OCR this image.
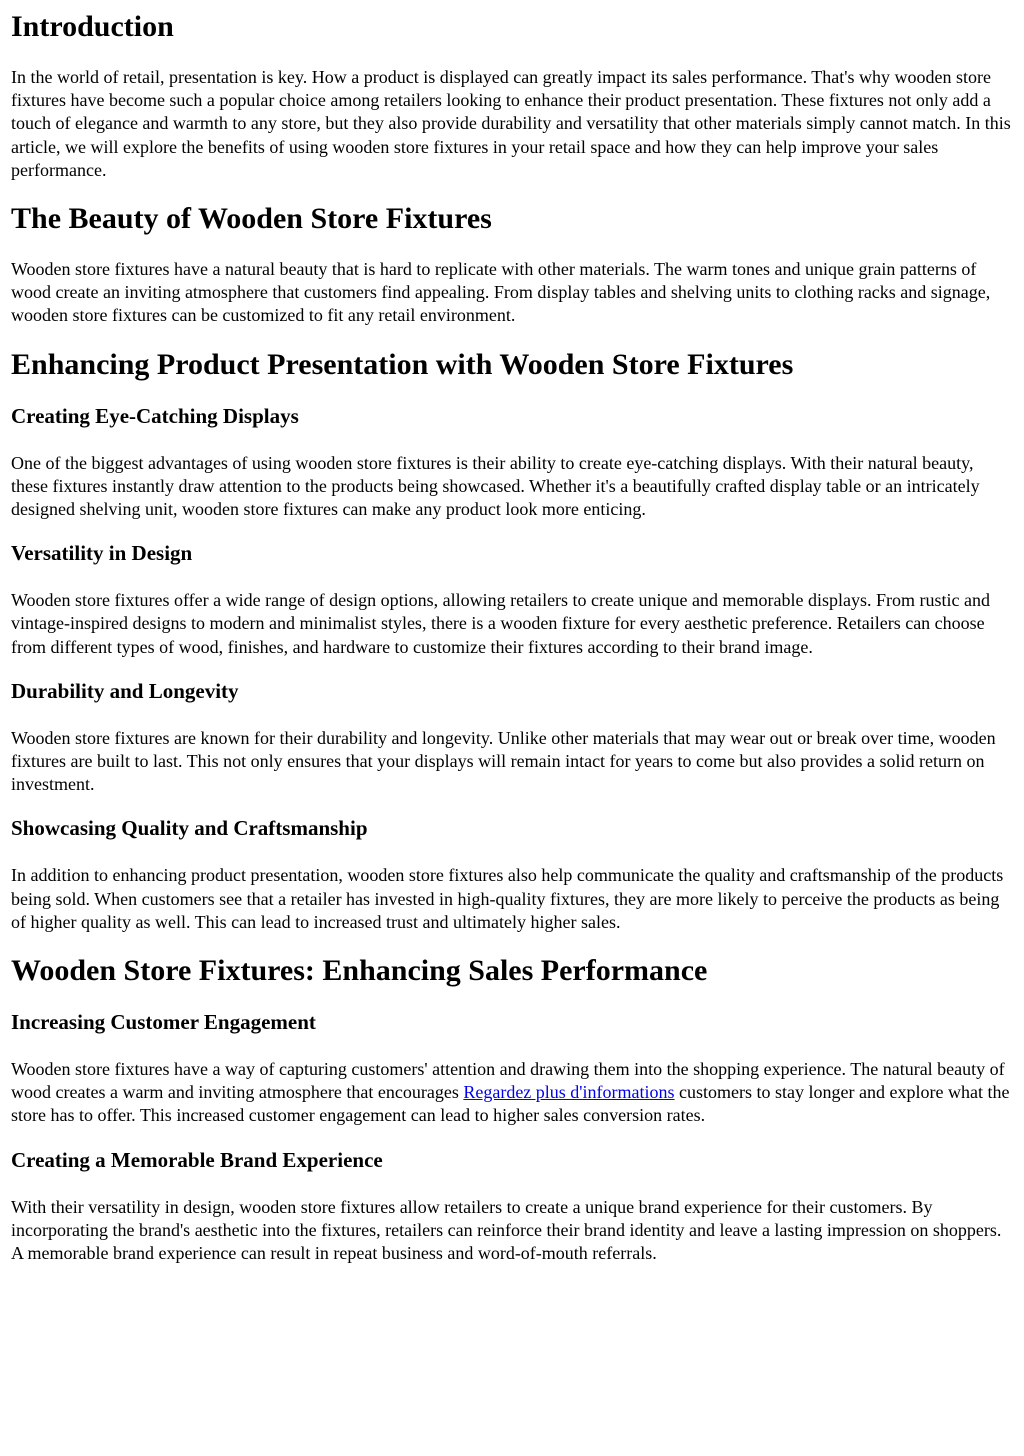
Introduction

In the world of retail, presentation is key. How a product is displayed can greatly impact its sales performance. That's why wooden store fixtures have become such a popular choice among retailers looking to enhance their product presentation. These fixtures not only add a touch of elegance and warmth to any store, but they also provide durability and versatility that other materials simply cannot match. In this article, we will explore the benefits of using wooden store fixtures in your retail space and how they can help improve your sales performance.

The Beauty of Wooden Store Fixtures

Wooden store fixtures have a natural beauty that is hard to replicate with other materials. The warm tones and unique grain patterns of wood create an inviting atmosphere that customers find appealing. From display tables and shelving units to clothing racks and signage, wooden store fixtures can be customized to fit any retail environment.

Enhancing Product Presentation with Wooden Store Fixtures
Creating Eye-Catching Displays

One of the biggest advantages of using wooden store fixtures is their ability to create eye-catching displays. With their natural beauty, these fixtures instantly draw attention to the products being showcased. Whether it's a beautifully crafted display table or an intricately designed shelving unit, wooden store fixtures can make any product look more enticing.

Versatility in Design

Wooden store fixtures offer a wide range of design options, allowing retailers to create unique and memorable displays. From rustic and vintage-inspired designs to modern and minimalist styles, there is a wooden fixture for every aesthetic preference. Retailers can choose from different types of wood, finishes, and hardware to customize their fixtures according to their brand image.

Durability and Longevity

Wooden store fixtures are known for their durability and longevity. Unlike other materials that may wear out or break over time, wooden fixtures are built to last. This not only ensures that your displays will remain intact for years to come but also provides a solid return on investment.

Showcasing Quality and Craftsmanship

In addition to enhancing product presentation, wooden store fixtures also help communicate the quality and craftsmanship of the products being sold. When customers see that a retailer has invested in high-quality fixtures, they are more likely to perceive the products as being of higher quality as well. This can lead to increased trust and ultimately higher sales.

Wooden Store Fixtures: Enhancing Sales Performance
Increasing Customer Engagement

Wooden store fixtures have a way of capturing customers' attention and drawing them into the shopping experience. The natural beauty of wood creates a warm and inviting atmosphere that encourages Regardez plus d'informations customers to stay longer and explore what the store has to offer. This increased customer engagement can lead to higher sales conversion rates.

Creating a Memorable Brand Experience

With their versatility in design, wooden store fixtures allow retailers to create a unique brand experience for their customers. By incorporating the brand's aesthetic into the fixtures, retailers can reinforce their brand identity and leave a lasting impression on shoppers. A memorable brand experience can result in repeat business and word-of-mouth referrals.
